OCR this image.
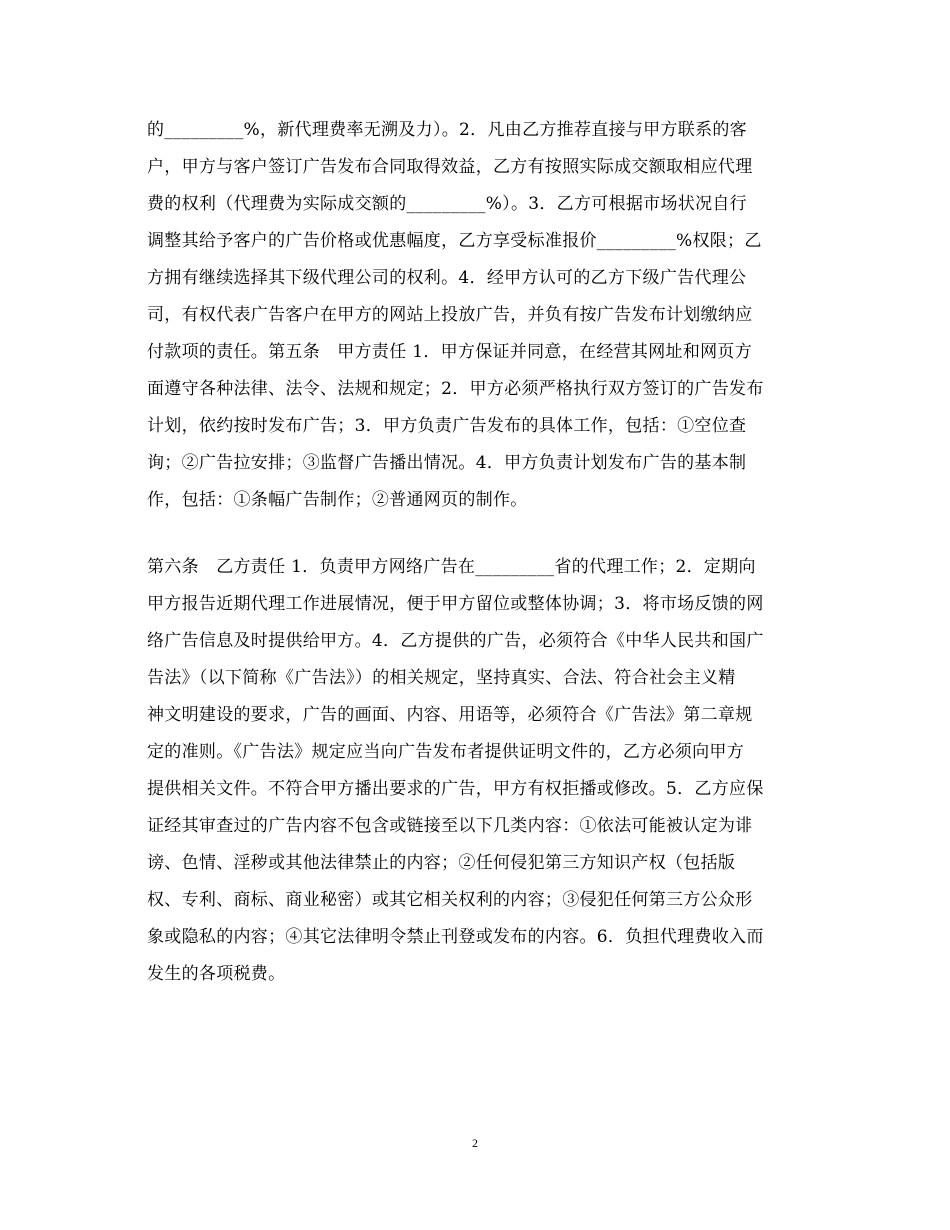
的_________%，新代理费率无溯及力）。2．凡由乙方推荐直接与甲方联系的客
户，甲方与客户签订广告发布合同取得效益，乙方有按照实际成交额取相应代理
费的权利（代理费为实际成交额的_________%）。3．乙方可根据市场状况自行
调整其给予客户的广告价格或优惠幅度，乙方享受标准报价_________%权限；乙
方拥有继续选择其下级代理公司的权利。4．经甲方认可的乙方下级广告代理公
司，有权代表广告客户在甲方的网站上投放广告，并负有按广告发布计划缴纳应
付款项的责任。第五条　甲方责任 1．甲方保证并同意，在经营其网址和网页方
面遵守各种法律、法令、法规和规定；2．甲方必须严格执行双方签订的广告发布
计划，依约按时发布广告；3．甲方负责广告发布的具体工作，包括：①空位查
询；②广告拉安排；③监督广告播出情况。4．甲方负责计划发布广告的基本制
作，包括：①条幅广告制作；②普通网页的制作。
第六条　乙方责任 1．负责甲方网络广告在_________省的代理工作；2．定期向
甲方报告近期代理工作进展情况，便于甲方留位或整体协调；3．将市场反馈的网
络广告信息及时提供给甲方。4．乙方提供的广告，必须符合《中华人民共和国广
告法》（以下简称《广告法》）的相关规定，坚持真实、合法、符合社会主义精
神文明建设的要求，广告的画面、内容、用语等，必须符合《广告法》第二章规
定的准则。《广告法》规定应当向广告发布者提供证明文件的，乙方必须向甲方
提供相关文件。不符合甲方播出要求的广告，甲方有权拒播或修改。5．乙方应保
证经其审查过的广告内容不包含或链接至以下几类内容：①依法可能被认定为诽
谤、色情、淫秽或其他法律禁止的内容；②任何侵犯第三方知识产权（包括版
权、专利、商标、商业秘密）或其它相关权利的内容；③侵犯任何第三方公众形
象或隐私的内容；④其它法律明令禁止刊登或发布的内容。6．负担代理费收入而
发生的各项税费。
2
